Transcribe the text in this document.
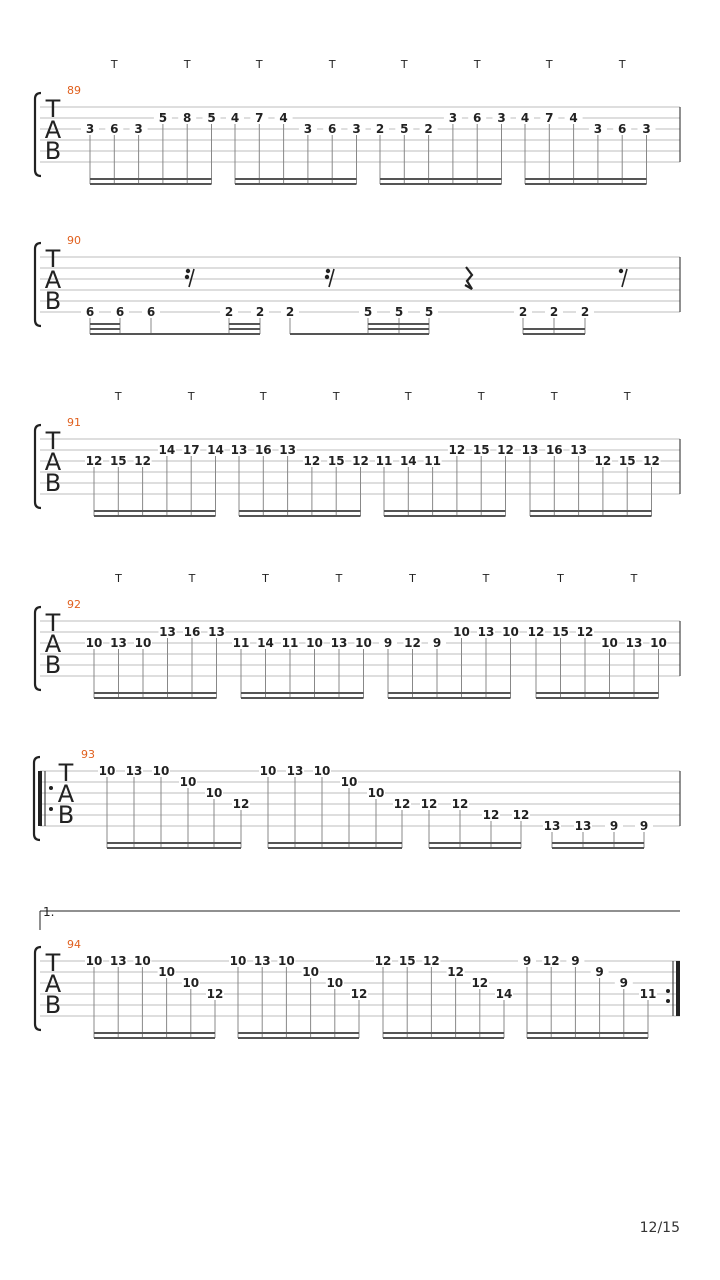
T
A
B
89
3 6 3
5 8 5 4 7 4
3 6 3 2 5 2
3 6 3 4 7 4
3 6 3
T	T	T	T	T	T	T	T
T
A
B
90
6 6 6	2 2 2	5 5 5	2 2 2
T
A
B
91
12 15 12
14 17 14 13 16 13
12 15 12 11 14 11
12 15 12 13 16 13
12 15 12
T	T	T	T	T	T	T	T
T
A
B
92
10 13 10
13 16 13
11 14 11 10 13 10 9 12 9
10 13 10 12 15 12
10 13 10
T	T	T	T	T	T	T	T
T
A
B
93
10 13 10
10
10
12
10 13 10
10
10
12 12 12
12 12
13 13 9 9
T
A
B
94
10 13 10
10
10
12
10 13 10
10
10
12
12 15 12
12
12
14
9 12 9
9
9
11
1.
12/15
